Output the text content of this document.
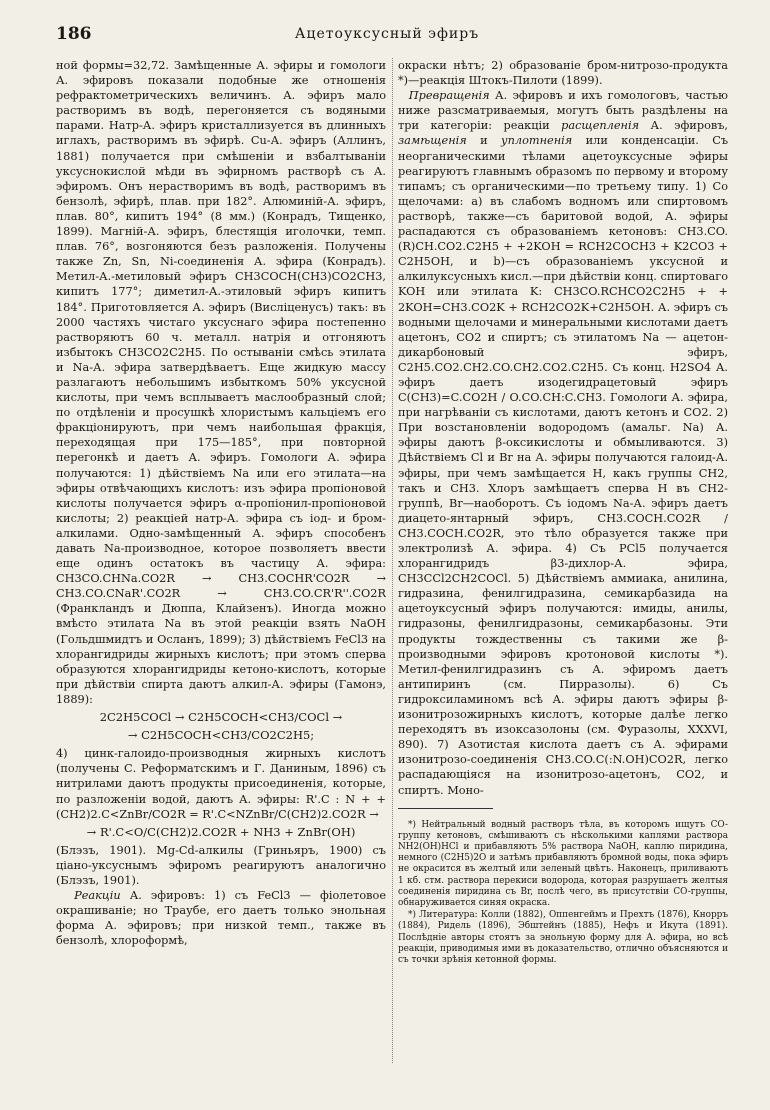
186	Ацетоуксусный эфиръ

ной формы=32,72. Замѣщенные А. эфиры и гомологи А. эфировъ показали подобные же отношенія рефрактометрическихъ величинъ. А. эфиръ мало растворимъ въ водѣ, перегоняется съ водяными парами. Натр-А. эфиръ кристаллизуется въ длинныхъ иглахъ, растворимъ въ эфирѣ. Cu-А. эфиръ (Аллинъ, 1881) получается при смѣшеніи и взбалтываніи уксуснокислой мѣди въ эфирномъ растворѣ съ А. эфиромъ. Онъ нерастворимъ въ водѣ, растворимъ въ бензолѣ, эфирѣ, плав. при 182°. Алюминій-А. эфиръ, плав. 80°, кипитъ 194° (8 мм.) (Конрадъ, Тищенко, 1899). Магній-А. эфиръ, блестящія иголочки, темп. плав. 76°, возгоняются безъ разложенія. Получены также Zn, Sn, Ni-соединенія А. эфира (Конрадъ). Метил-А.-метиловый эфиръ CH3COCH(CH3)CO2CH3, кипитъ 177°; диметил-А.-этиловый эфиръ кипитъ 184°. Приготовляется А. эфиръ (Висліценусъ) такъ: въ 2000 частяхъ чистаго уксуснаго эфира постепенно растворяютъ 60 ч. металл. натрія и отгоняютъ избытокъ CH3CO2C2H5. По остываніи смѣсь этилата и Na-А. эфира затвердѣваетъ. Еще жидкую массу разлагаютъ небольшимъ избыткомъ 50% уксусной кислоты, при чемъ всплываетъ маслообразный слой; по отдѣленіи и просушкѣ хлористымъ кальціемъ его фракціонируютъ, при чемъ наибольшая фракція, переходящая при 175—185°, при повторной перегонкѣ и даетъ А. эфиръ. Гомологи А. эфира получаются: 1) дѣйствіемъ Na или его этилата—на эфиры отвѣчающихъ кислотъ: изъ эфира пропіоновой кислоты получается эфиръ α-пропіонил-пропіоновой кислоты; 2) реакціей натр-А. эфира съ іод- и бром-алкилами. Одно-замѣщенный А. эфиръ способенъ давать Na-производное, которое позволяетъ ввести еще одинъ остатокъ въ частицу А. эфира: CH3CO.CHNa.CO2R → CH3.COCHR'CO2R → CH3.CO.CNaR'.CO2R → CH3.CO.CR'R''.CO2R (Франкландъ и Дюппа, Клайзенъ). Иногда можно вмѣсто этилата Na въ этой реакціи взять NaOH (Гольдшмидтъ и Осланъ, 1899); 3) дѣйствіемъ FeCl3 на хлорангидриды жирныхъ кислотъ; при этомъ сперва образуются хлорангидриды кетоно-кислотъ, которые при дѣйствіи спирта даютъ алкил-А. эфиры (Гамонэ, 1889):

2C2H5COCl → C2H5COCH<CH3/COCl →
→ C2H5COCH<CH3/CO2C2H5;

4) цинк-галоидо-производныя жирныхъ кислотъ (получены С. Реформатскимъ и Г. Даниным, 1896) съ нитрилами даютъ продукты присоединенія, которые, по разложеніи водой, даютъ А. эфиры: R'.C : N + +(CH2)2.C<ZnBr/CO2R = R'.C<NZnBr/C(CH2)2.CO2R →

→ R'.C<O/C(CH2)2.CO2R + NH3 + ZnBr(OH)

(Блэзъ, 1901). Mg-Cd-алкилы (Гриньяръ, 1900) съ ціано-уксуснымъ эфиромъ реагируютъ аналогично (Блэзъ, 1901).

Реакціи А. эфировъ: 1) съ FeCl3 — фіолетовое окрашиваніе; но Траубе, его даетъ только энольная форма А. эфировъ; при низкой темп., также въ бензолѣ, хлороформѣ,

окраски нѣтъ; 2) образованіе бром-нитрозо-продукта *)—реакція Штокъ-Пилоти (1899).

Превращенія А. эфировъ и ихъ гомологовъ, частью ниже разсматриваемыя, могутъ быть раздѣлены на три категоріи: реакціи расщепленія А. эфировъ, замѣщенія и уплотненія или конденсаціи. Съ неорганическими тѣлами ацетоуксусные эфиры реагируютъ главнымъ образомъ по первому и второму типамъ; съ органическими—по третьему типу. 1) Со щелочами: а) въ слабомъ водномъ или спиртовомъ растворѣ, также—съ баритовой водой, А. эфиры распадаются съ образованіемъ кетоновъ: CH3.CO.(R)CH.CO2.C2H5 + +2KOH = RCH2COCH3 + K2CO3 + C2H5OH, и b)—съ образованіемъ уксусной и алкилуксусныхъ кисл.—при дѣйствіи конц. спиртоваго KOH или этилата K: CH3CO.RCHCO2C2H5 + + 2KOH=CH3.CO2K + RCH2CO2K+C2H5OH. А. эфиръ съ водными щелочами и минеральными кислотами даетъ ацетонъ, CO2 и спиртъ; съ этилатомъ Na — ацетон-дикарбоновый эфиръ, C2H5.CO2.CH2.CO.CH2.CO2.C2H5. Съ конц. H2SO4 А. эфиръ даетъ изодегидрацетовый эфиръ C(CH3)=C.CO2H / O.CO.CH:C.CH3. Гомологи А. эфира, при нагрѣваніи съ кислотами, даютъ кетонъ и CO2. 2) При возстановленіи водородомъ (амальг. Na) А. эфиры даютъ β-оксикислоты и обмыливаются. 3) Дѣйствіемъ Cl и Br на А. эфиры получаются галоид-А. эфиры, при чемъ замѣщается H, какъ группы CH2, такъ и CH3. Хлоръ замѣщаетъ сперва H въ CH2-группѣ, Br—наоборотъ. Съ іодомъ Na-А. эфиръ даетъ диацето-янтарный эфиръ, CH3.COCH.CO2R / CH3.COCH.CO2R, это тѣло образуется также при электролизѣ А. эфира. 4) Съ PCl5 получается хлорангидридъ β3-дихлор-А. эфира, CH3CCl2CH2COCl. 5) Дѣйствіемъ аммиака, анилина, гидразина, фенилгидразина, семикарбазида на ацетоуксусный эфиръ получаются: имиды, анилы, гидразоны, фенилгидразоны, семикарбазоны. Эти продукты тождественны съ такими же β-производными эфировъ кротоновой кислоты *). Метил-фенилгидразинъ съ А. эфиромъ даетъ антипиринъ (см. Пирразолы). 6) Съ гидроксиламиномъ всѣ А. эфиры даютъ эфиры β-изонитрозожирныхъ кислотъ, которые далѣе легко переходятъ въ изоксазолоны (см. Фуразолы, XXXVI, 890). 7) Азотистая кислота даетъ съ А. эфирами изонитрозо-соединенія CH3.CO.C(:N.OH)CO2R, легко распадающіяся на изонитрозо-ацетонъ, CO2, и спиртъ. Моно-

*) Нейтральный водный растворъ тѣла, въ которомъ ищутъ CO-группу кетоновъ, смѣшиваютъ съ нѣсколькими каплями раствора NH2(OH)HCl и прибавляютъ 5% раствора NaOH, каплю пиридина, немного (C2H5)2O и затѣмъ прибавляютъ бромной воды, пока эфиръ не окрасится въ желтый или зеленый цвѣтъ. Наконецъ, приливаютъ 1 кб. стм. раствора перекиси водорода, которая разрушаетъ желтыя соединенія пиридина съ Br, послѣ чего, въ присутствіи CO-группы, обнаруживается синяя окраска.

*) Литература: Колли (1882), Оппенгеймъ и Прехтъ (1876), Кнорръ (1884), Ридель (1896), Эбштейнъ (1885), Нефъ и Икута (1891). Послѣдніе авторы стоятъ за энольную форму для А. эфира, но всѣ реакціи, приводимыя ими въ доказательство, отлично объясняются и съ точки зрѣнія кетонной формы.
